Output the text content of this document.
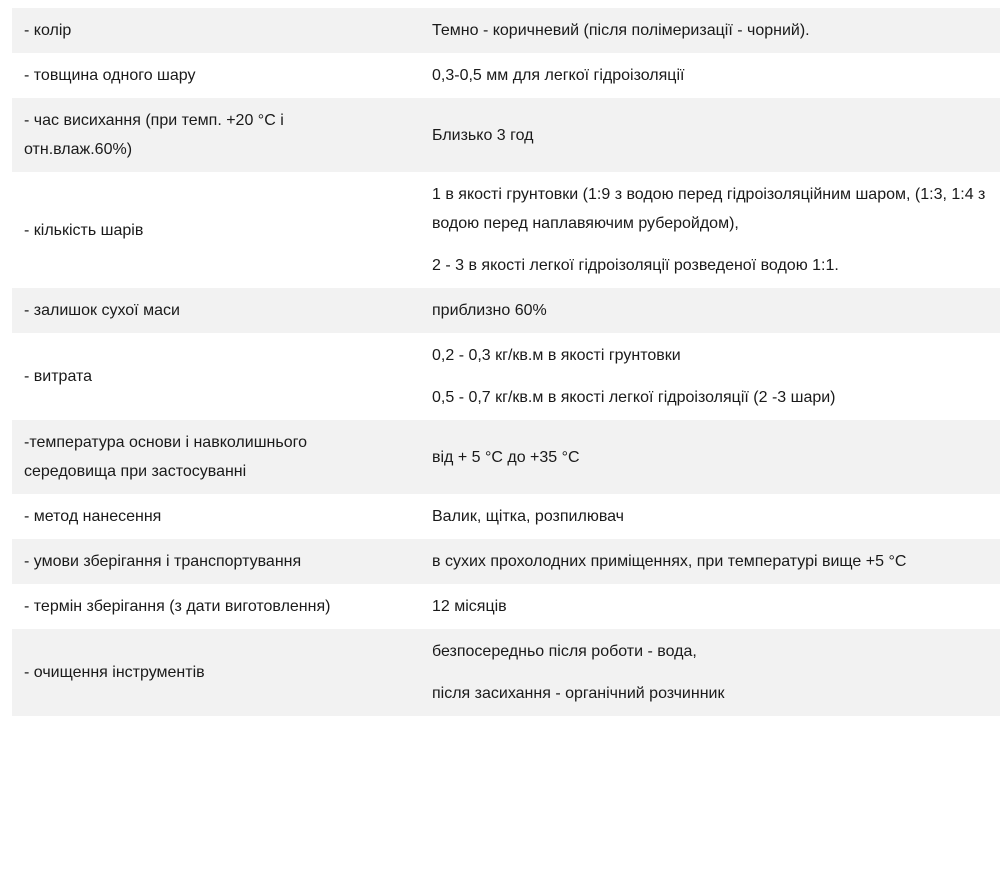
- колір	Темно - коричневий (після полімеризації - чорний).

- товщина одного шару	0,3-0,5 мм для легкої гідроізоляції

- час висихання (при темп. +20 °С і отн.влаж.60%)	Близько 3 год

- кількість шарів	1 в якості грунтовки (1:9 з водою перед гідроізоляційним шаром, (1:3, 1:4 з водою перед наплавяючим руберойдом),

2 - 3 в якості легкої гідроізоляції розведеної водою 1:1.

- залишок сухої маси	приблизно 60%

- витрата	0,2 - 0,3 кг/кв.м в якості грунтовки

0,5 - 0,7 кг/кв.м в якості легкої гідроізоляції (2 -3 шари)

-температура основи і навколишнього середовища при застосуванні	від + 5 °С до +35 °С

- метод нанесення	Валик, щітка, розпилювач

- умови зберігання і транспортування	в сухих прохолодних приміщеннях, при температурі вище +5 °С

- термін зберігання (з дати виготовлення)	12 місяців

- очищення інструментів	безпосередньо після роботи - вода,

після засихання - органічний розчинник
